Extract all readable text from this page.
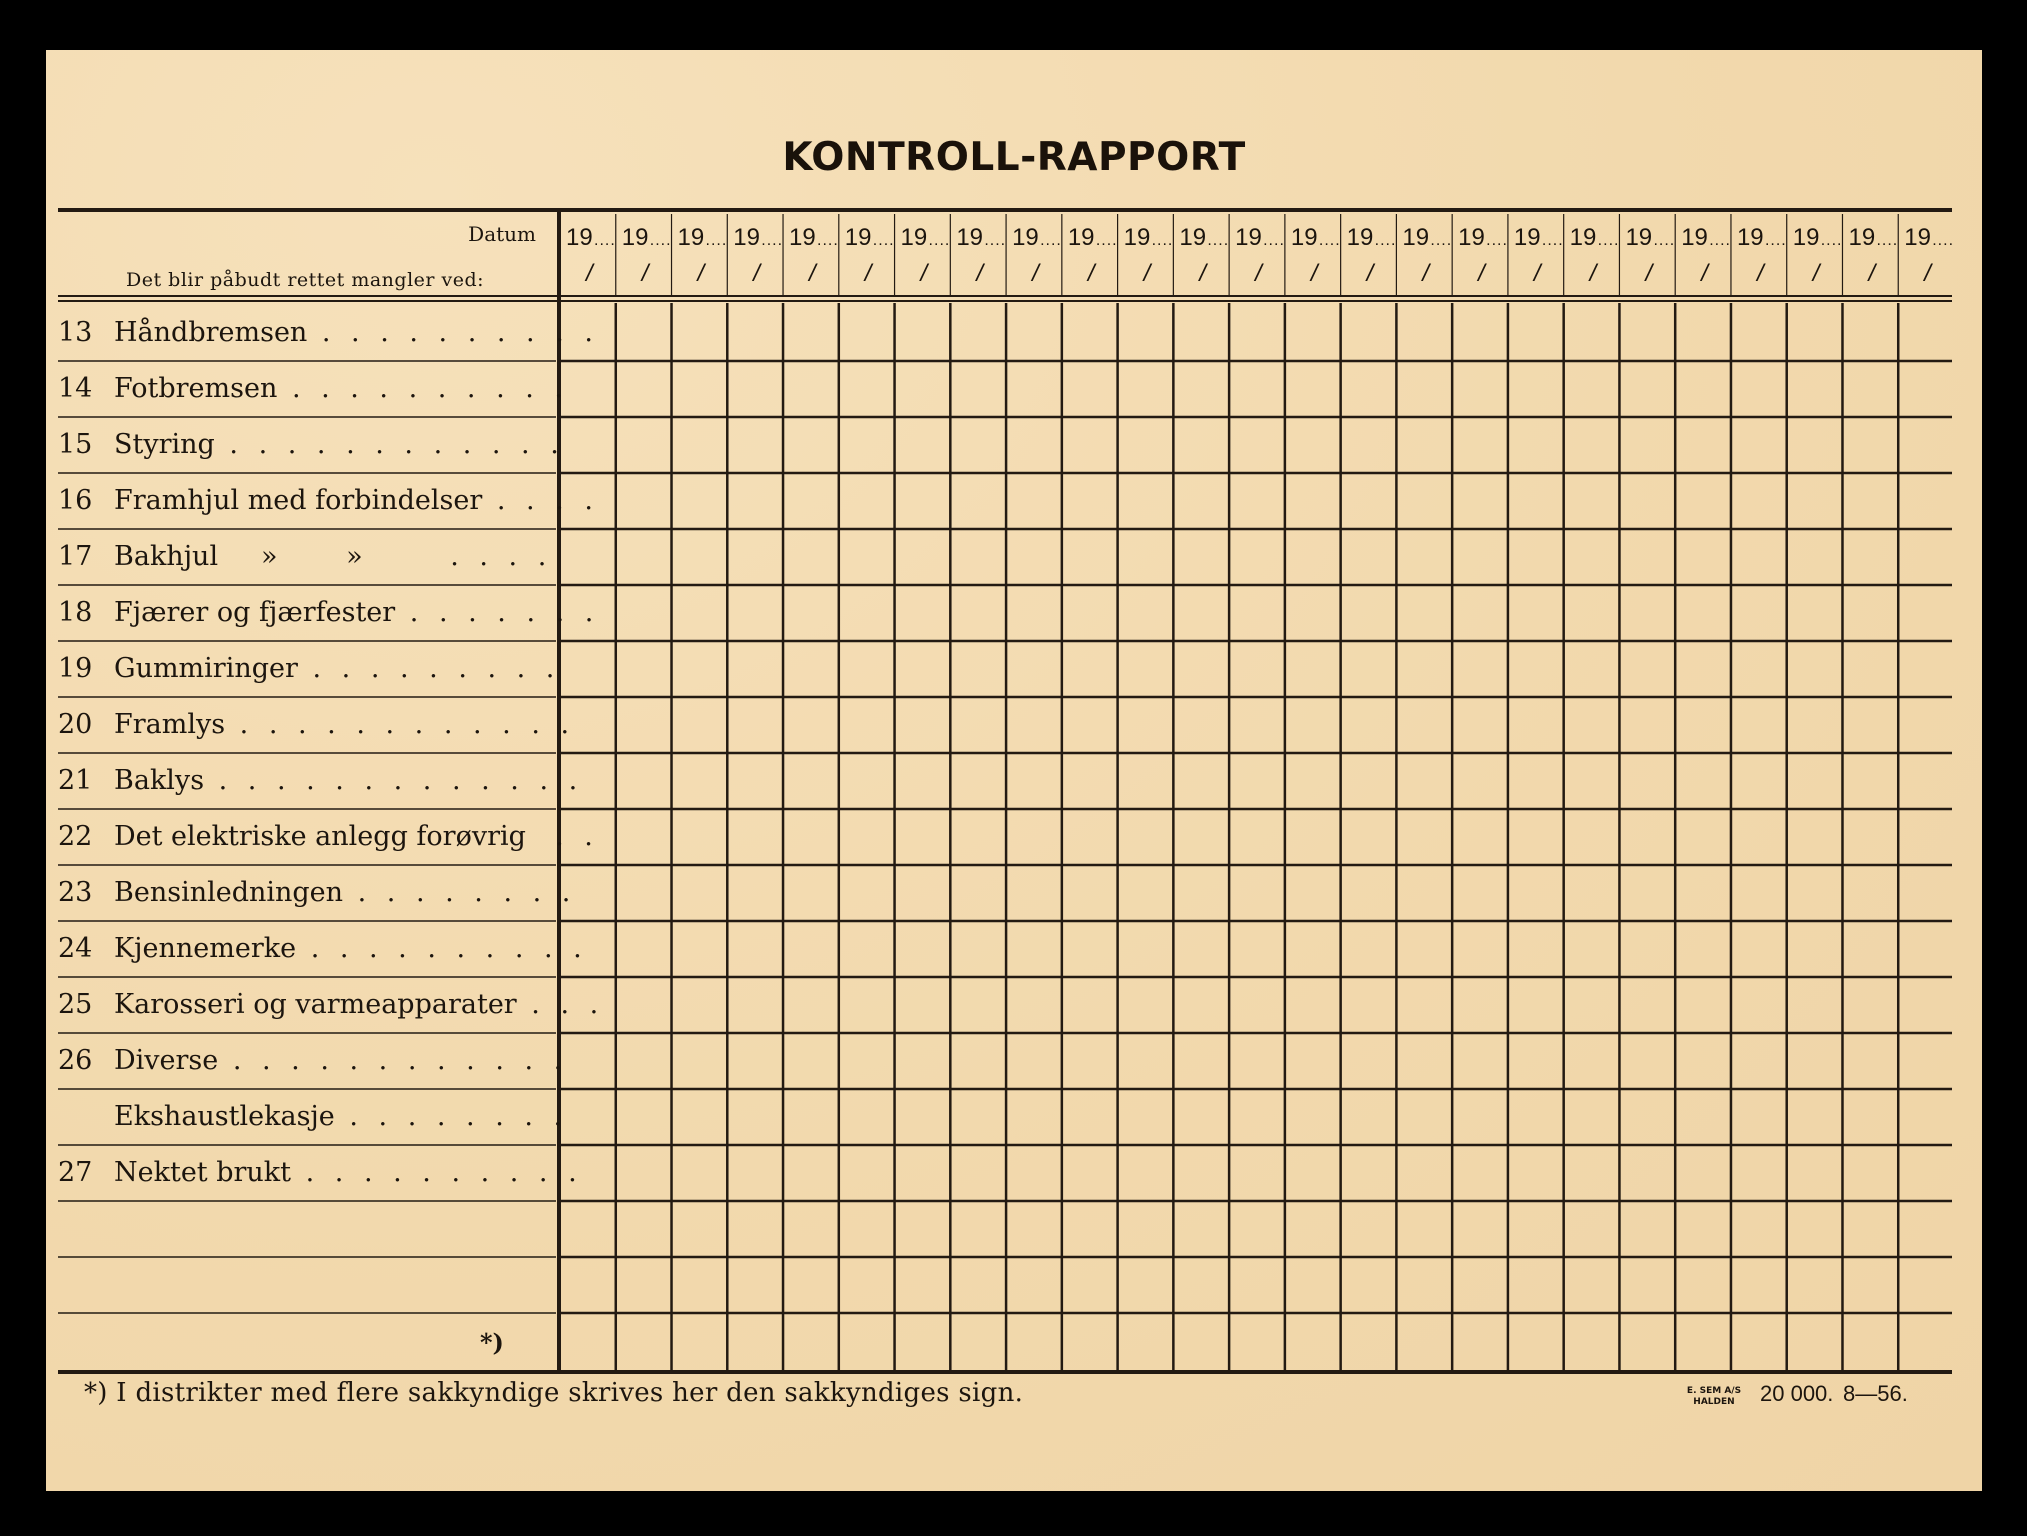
KONTROLL-RAPPORT
Datum
Det blir påbudt rettet mangler ved:
19 ....
/
19 ....
/
19 ....
/
19 ....
/
19 ....
/
19 ....
/
19 ....
/
19 ....
/
19 ....
/
19 ....
/
19 ....
/
19 ....
/
19 ....
/
19 ....
/
19 ....
/
19 ....
/
19 ....
/
19 ....
/
19 ....
/
19 ....
/
19 ....
/
19 ....
/
19 ....
/
19 ....
/
19 ....
/
13 Håndbremsen . . . . . . . . . .
14 Fotbremsen . . . . . . . . . .
15 Styring . . . . . . . . . . . .
16 Framhjul med forbindelser . . . .
17 Bakhjul     »        »      . . . .
18 Fjærer og fjærfester . . . . . . .
19 Gummiringer . . . . . . . . .
20 Framlys . . . . . . . . . . . .
21 Baklys . . . . . . . . . . . . .
22 Det elektriske anlegg forøvrig  . .
23 Bensinledningen . . . . . . . .
24 Kjennemerke . . . . . . . . . .
25 Karosseri og varmeapparater . . .
26 Diverse . . . . . . . . . . . .
Ekshaustlekasje . . . . . . . .
27 Nektet brukt . . . . . . . . . .
*)
*) I distrikter med flere sakkyndige skrives her den sakkyndiges sign.	E. SEM A/S
HALDEN	20 000. 8—56.
